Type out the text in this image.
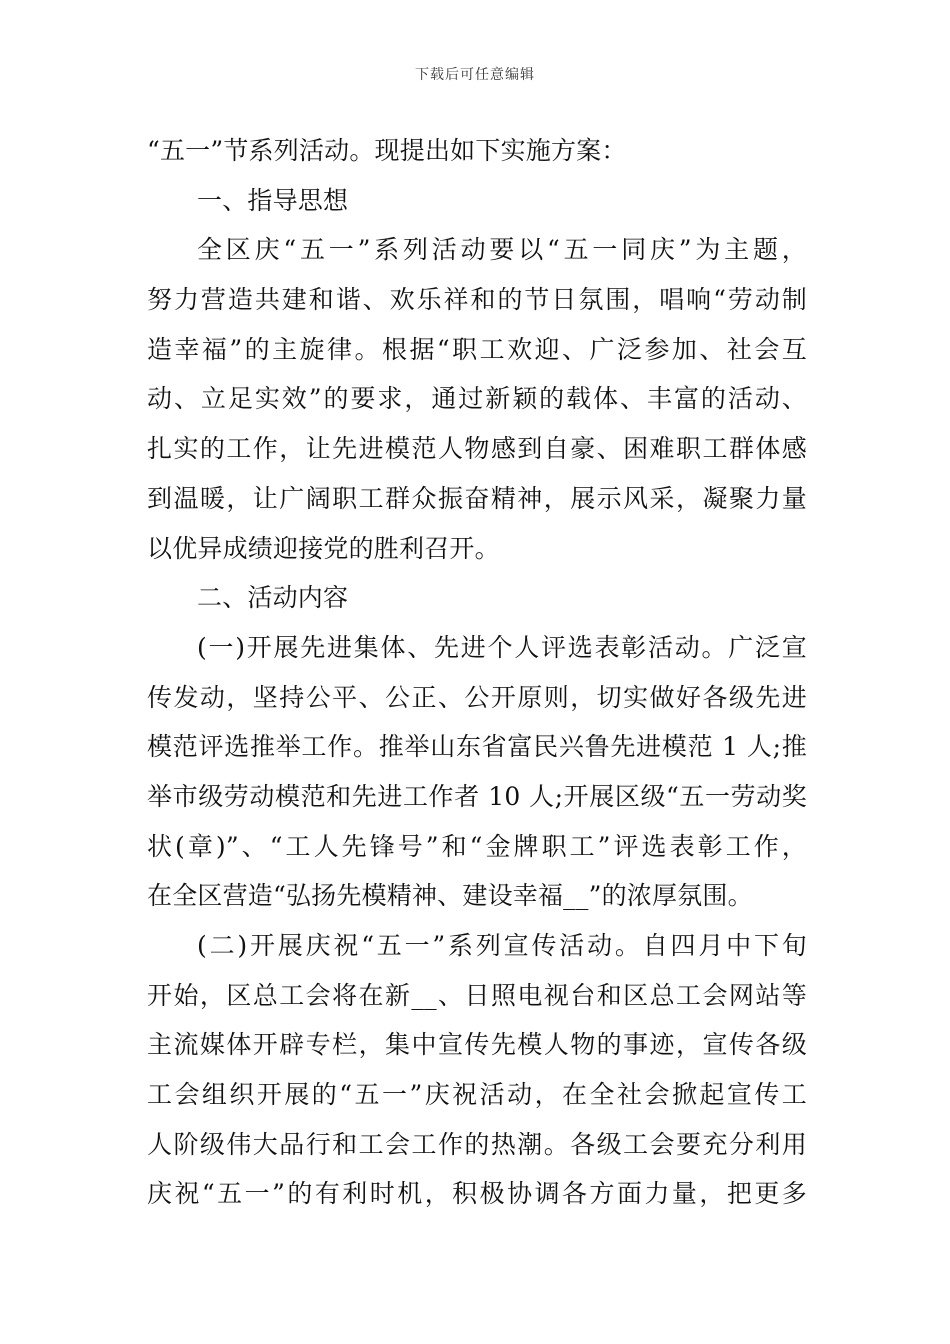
下载后可任意编辑
“五一”节系列活动。现提出如下实施方案：
一、指导思想
全区庆“五一”系列活动要以“五一同庆”为主题，
努力营造共建和谐、欢乐祥和的节日氛围，唱响“劳动制
造幸福”的主旋律。根据“职工欢迎、广泛参加、社会互
动、立足实效”的要求，通过新颖的载体、丰富的活动、
扎实的工作，让先进模范人物感到自豪、困难职工群体感
到温暖，让广阔职工群众振奋精神，展示风采，凝聚力量
以优异成绩迎接党的胜利召开。
二、活动内容
(一)开展先进集体、先进个人评选表彰活动。广泛宣
传发动，坚持公平、公正、公开原则，切实做好各级先进
模范评选推举工作。推举山东省富民兴鲁先进模范 1 人;推
举市级劳动模范和先进工作者 10 人;开展区级“五一劳动奖
状(章)”、“工人先锋号”和“金牌职工”评选表彰工作，
在全区营造“弘扬先模精神、建设幸福__”的浓厚氛围。
(二)开展庆祝“五一”系列宣传活动。自四月中下旬
开始，区总工会将在新__、日照电视台和区总工会网站等
主流媒体开辟专栏，集中宣传先模人物的事迹，宣传各级
工会组织开展的“五一”庆祝活动，在全社会掀起宣传工
人阶级伟大品行和工会工作的热潮。各级工会要充分利用
庆祝“五一”的有利时机，积极协调各方面力量，把更多
